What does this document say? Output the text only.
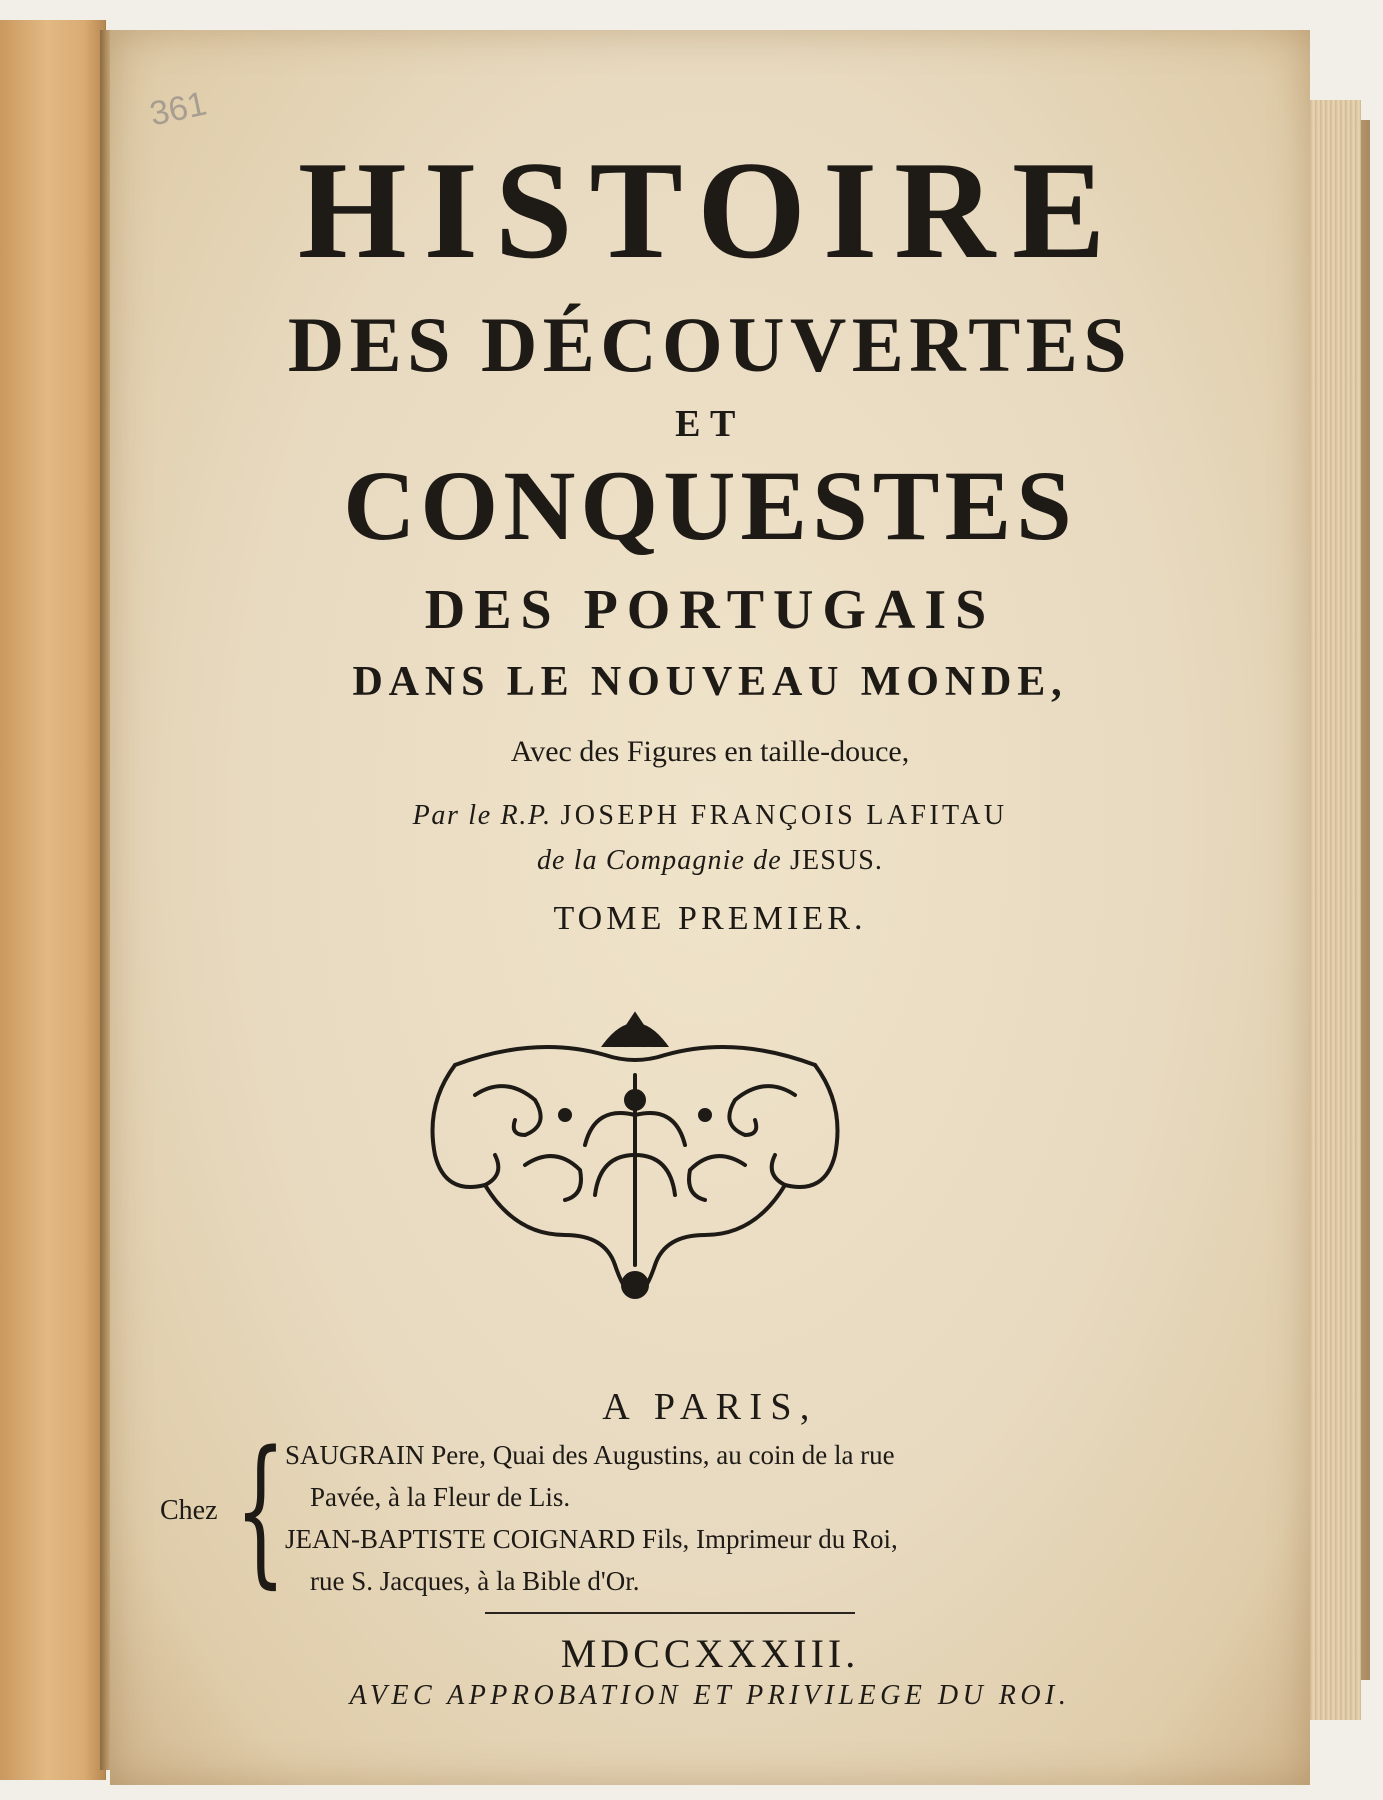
361
HISTOIRE
DES DÉCOUVERTES
ET
CONQUESTES
DES PORTUGAIS
DANS LE NOUVEAU MONDE,
Avec des Figures en taille-douce,
Par le R.P. JOSEPH FRANÇOIS LAFITAU
de la Compagnie de JESUS.
TOME PREMIER.
A PARIS,
Chez { SAUGRAIN Pere, Quai des Augustins, au coin de la rue
Pavée, à la Fleur de Lis.
JEAN-BAPTISTE COIGNARD Fils, Imprimeur du Roi,
rue S. Jacques, à la Bible d'Or.
MDCCXXXIII.
AVEC APPROBATION ET PRIVILEGE DU ROI.
